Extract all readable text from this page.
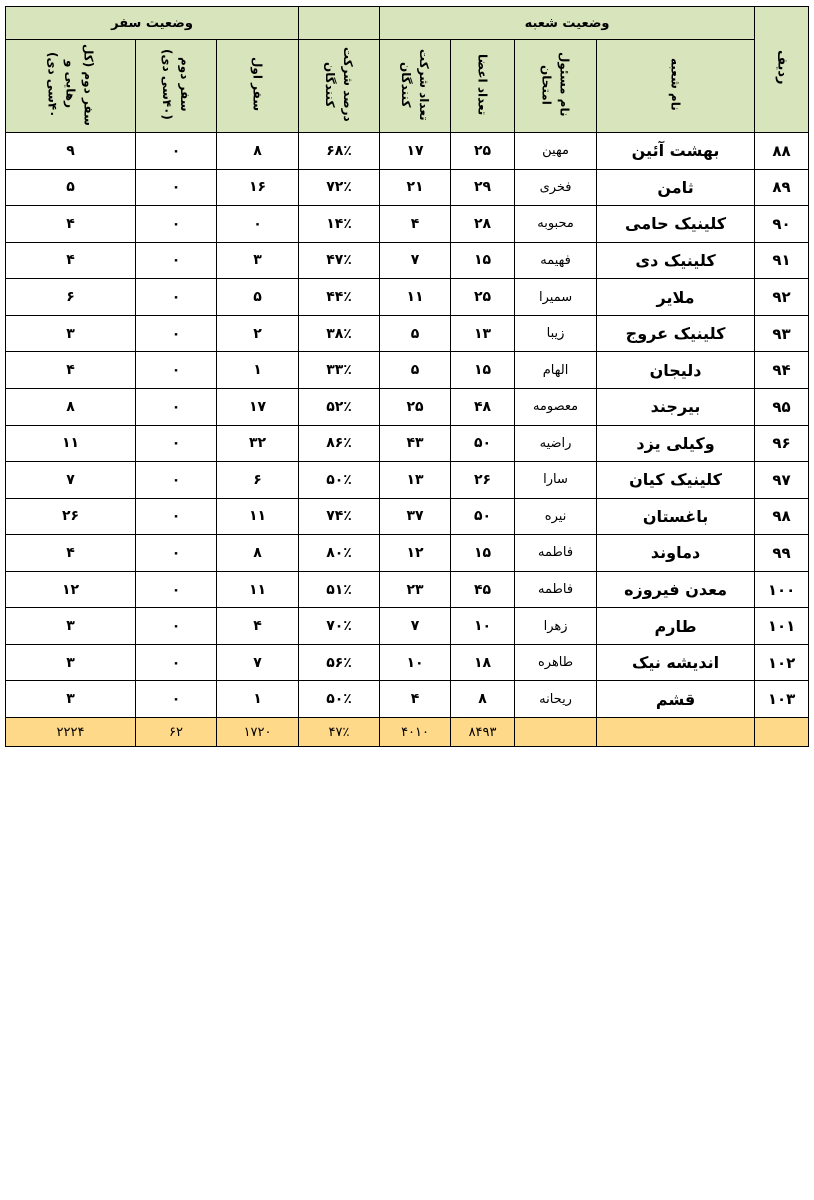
ردیف	وضعیت شعبه					وضعیت سفر		
	نام شعبه	نام مسئول امتحان	تعداد اعضا	تعداد شرکت کنندگان	درصد شرکت کنندگان	سفر اول	سفر دوم (۴۰سی دی)	سفر دوم (کل رهایی و ۴۰سی دی)
۸۸	بهشت آئین	مهین	۲۵	۱۷	۶۸٪	۸	۰	۹
۸۹	ثامن	فخری	۲۹	۲۱	۷۲٪	۱۶	۰	۵
۹۰	کلینیک حامی	محبوبه	۲۸	۴	۱۴٪	۰	۰	۴
۹۱	کلینیک دی	فهیمه	۱۵	۷	۴۷٪	۳	۰	۴
۹۲	ملایر	سمیرا	۲۵	۱۱	۴۴٪	۵	۰	۶
۹۳	کلینیک عروج	زیبا	۱۳	۵	۳۸٪	۲	۰	۳
۹۴	دلیجان	الهام	۱۵	۵	۳۳٪	۱	۰	۴
۹۵	بیرجند	معصومه	۴۸	۲۵	۵۲٪	۱۷	۰	۸
۹۶	وکیلی یزد	راضیه	۵۰	۴۳	۸۶٪	۳۲	۰	۱۱
۹۷	کلینیک کیان	سارا	۲۶	۱۳	۵۰٪	۶	۰	۷
۹۸	باغستان	نیره	۵۰	۳۷	۷۴٪	۱۱	۰	۲۶
۹۹	دماوند	فاطمه	۱۵	۱۲	۸۰٪	۸	۰	۴
۱۰۰	معدن فیروزه	فاطمه	۴۵	۲۳	۵۱٪	۱۱	۰	۱۲
۱۰۱	طارم	زهرا	۱۰	۷	۷۰٪	۴	۰	۳
۱۰۲	اندیشه نیک	طاهره	۱۸	۱۰	۵۶٪	۷	۰	۳
۱۰۳	قشم	ریحانه	۸	۴	۵۰٪	۱	۰	۳
			۸۴۹۳	۴۰۱۰	۴۷٪	۱۷۲۰	۶۲	۲۲۲۴
